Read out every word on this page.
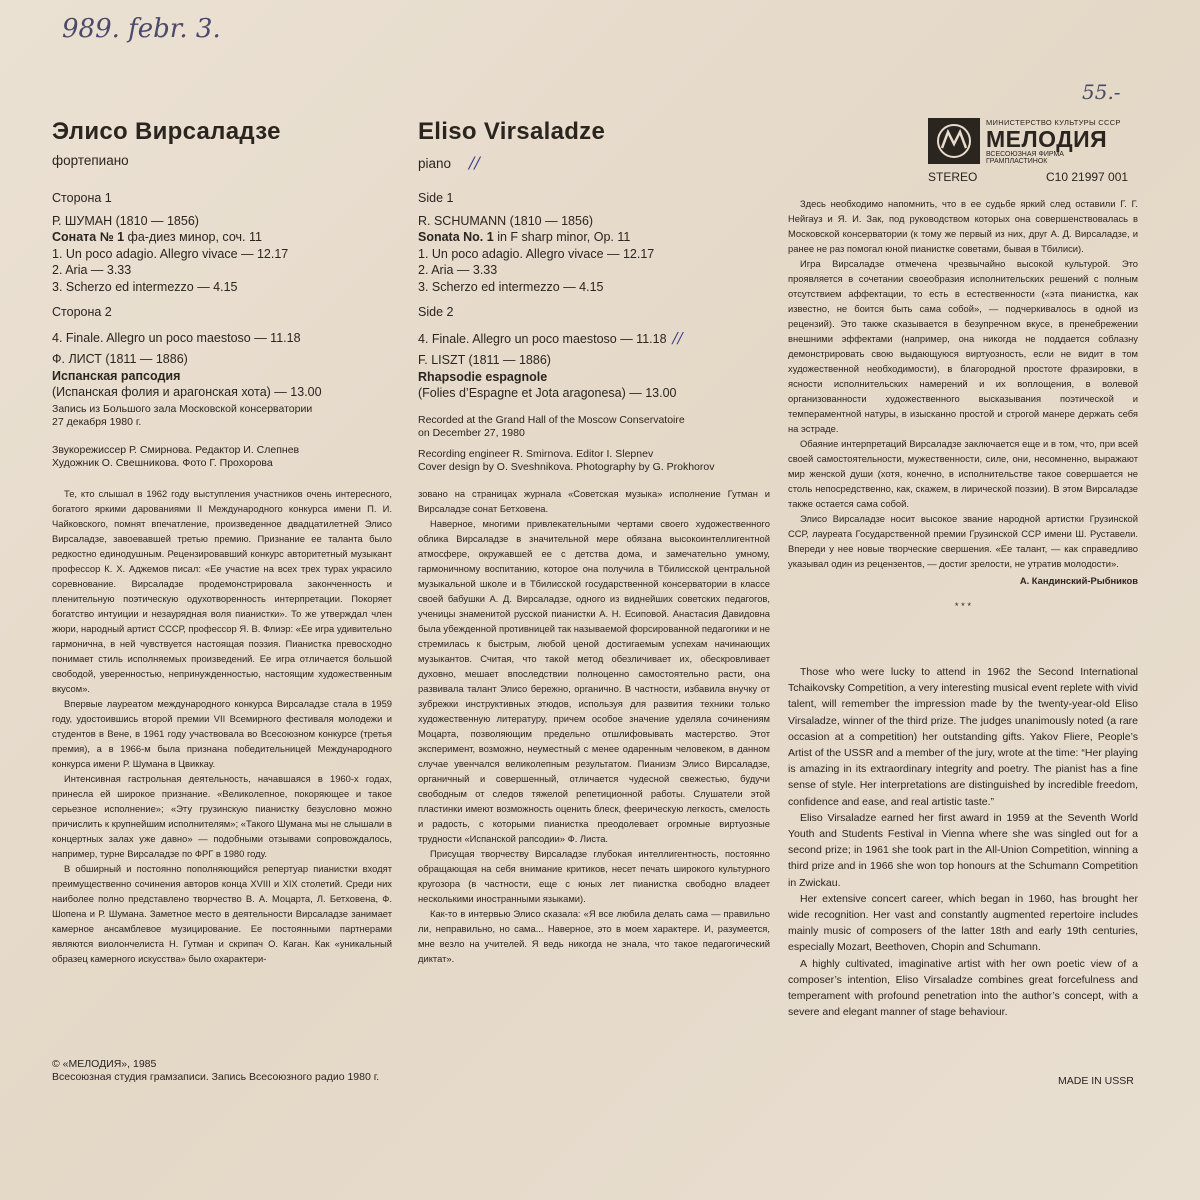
989. febr. 3.
55.-
Элисо Вирсаладзе
фортепиано

Сторона 1

Р. ШУМАН (1810 — 1856)

Соната № 1 фа-диез минор, соч. 11

1. Un poco adagio. Allegro vivace — 12.17

2. Aria — 3.33

3. Scherzo ed intermezzo — 4.15

Сторона 2

4. Finale. Allegro un poco maestoso — 11.18

Ф. ЛИСТ (1811 — 1886)

Испанская рапсодия

(Испанская фолия и арагонская хота) — 13.00

Запись из Большого зала Московской консерватории
27 декабря 1980 г.
Звукорежиссер Р. Смирнова. Редактор И. Слепнев
Художник О. Свешникова. Фото Г. Прохорова
Eliso Virsaladze
piano //

Side 1

R. SCHUMANN (1810 — 1856)

Sonata No. 1 in F sharp minor, Op. 11

1. Un poco adagio. Allegro vivace — 12.17

2. Aria — 3.33

3. Scherzo ed intermezzo — 4.15

Side 2

4. Finale. Allegro un poco maestoso — 11.18 //

F. LISZT (1811 — 1886)

Rhapsodie espagnole

(Folies d’Espagne et Jota aragonesa) — 13.00

Recorded at the Grand Hall of the Moscow Conservatoire
on December 27, 1980
Recording engineer R. Smirnova. Editor I. Slepnev
Cover design by O. Sveshnikova. Photography by G. Prokhorov
МИНИСТЕРСТВО КУЛЬТУРЫ СССР
МЕЛОДИЯ
ВСЕСОЮЗНАЯ ФИРМА ГРАМПЛАСТИНОК
STEREO	С10 21997 001

Те, кто слышал в 1962 году выступления участников очень интересного, богатого яркими дарованиями II Международного конкурса имени П. И. Чайковского, помнят впечатление, произведенное двадцатилетней Элисо Вирсаладзе, завоевавшей третью премию. Признание ее таланта было редкостно единодушным. Рецензировавший конкурс авторитетный музыкант профессор К. Х. Аджемов писал: «Ее участие на всех трех турах украсило соревнование. Вирсаладзе продемонстрировала законченность и пленительную поэтическую одухотворенность интерпретации. Покоряет богатство интуиции и незаурядная воля пианистки». То же утверждал член жюри, народный артист СССР, профессор Я. В. Флиэр: «Ее игра удивительно гармонична, в ней чувствуется настоящая поэзия. Пианистка превосходно понимает стиль исполняемых произведений. Ее игра отличается большой свободой, уверенностью, непринужденностью, настоящим художественным вкусом».

Впервые лауреатом международного конкурса Вирсаладзе стала в 1959 году, удостоившись второй премии VII Всемирного фестиваля молодежи и студентов в Вене, в 1961 году участвовала во Всесоюзном конкурсе (третья премия), а в 1966-м была признана победительницей Международного конкурса имени Р. Шумана в Цвиккау.

Интенсивная гастрольная деятельность, начавшаяся в 1960-х годах, принесла ей широкое признание. «Великолепное, покоряющее и такое серьезное исполнение»; «Эту грузинскую пианистку безусловно можно причислить к крупнейшим исполнителям»; «Такого Шумана мы не слышали в концертных залах уже давно» — подобными отзывами сопровождалось, например, турне Вирсаладзе по ФРГ в 1980 году.

В обширный и постоянно пополняющийся репертуар пианистки входят преимущественно сочинения авторов конца XVIII и XIX столетий. Среди них наиболее полно представлено творчество В. А. Моцарта, Л. Бетховена, Ф. Шопена и Р. Шумана. Заметное место в деятельности Вирсаладзе занимает камерное ансамблевое музицирование. Ее постоянными партнерами являются виолончелиста Н. Гутман и скрипач О. Каган. Как «уникальный образец камерного искусства» было охарактери-

зовано на страницах журнала «Советская музыка» исполнение Гутман и Вирсаладзе сонат Бетховена.

Наверное, многими привлекательными чертами своего художественного облика Вирсаладзе в значительной мере обязана высокоинтеллигентной атмосфере, окружавшей ее с детства дома, и замечательно умному, гармоничному воспитанию, которое она получила в Тбилисской центральной музыкальной школе и в Тбилисской государственной консерватории в классе своей бабушки А. Д. Вирсаладзе, одного из виднейших советских педагогов, ученицы знаменитой русской пианистки А. Н. Есиповой. Анастасия Давидовна была убежденной противницей так называемой форсированной педагогики и не стремилась к быстрым, любой ценой достигаемым успехам начинающих музыкантов. Считая, что такой метод обезличивает их, обескровливает духовно, мешает впоследствии полноценно самостоятельно расти, она развивала талант Элисо бережно, органично. В частности, избавила внучку от зубрежки инструктивных этюдов, используя для развития техники только художественную литературу, причем особое значение уделяла сочинениям Моцарта, позволяющим предельно отшлифовывать мастерство. Этот эксперимент, возможно, неуместный с менее одаренным человеком, в данном случае увенчался великолепным результатом. Пианизм Элисо Вирсаладзе, органичный и совершенный, отличается чудесной свежестью, будучи свободным от следов тяжелой репетиционной работы. Слушатели этой пластинки имеют возможность оценить блеск, феерическую легкость, смелость и радость, с которыми пианистка преодолевает огромные виртуозные трудности «Испанской рапсодии» Ф. Листа.

Присущая творчеству Вирсаладзе глубокая интеллигентность, постоянно обращающая на себя внимание критиков, несет печать широкого культурного кругозора (в частности, еще с юных лет пианистка свободно владеет несколькими иностранными языками).

Как-то в интервью Элисо сказала: «Я все любила делать сама — правильно ли, неправильно, но сама... Наверное, это в моем характере. И, разумеется, мне везло на учителей. Я ведь никогда не знала, что такое педагогический диктат».

Здесь необходимо напомнить, что в ее судьбе яркий след оставили Г. Г. Нейгауз и Я. И. Зак, под руководством которых она совершенствовалась в Московской консерватории (к тому же первый из них, друг А. Д. Вирсаладзе, и ранее не раз помогал юной пианистке советами, бывая в Тбилиси).

Игра Вирсаладзе отмечена чрезвычайно высокой культурой. Это проявляется в сочетании своеобразия исполнительских решений с полным отсутствием аффектации, то есть в естественности («эта пианистка, как известно, не боится быть сама собой», — подчеркивалось в одной из рецензий). Это также сказывается в безупречном вкусе, в пренебрежении внешними эффектами (например, она никогда не поддается соблазну демонстрировать свою выдающуюся виртуозность, если не видит в том художественной необходимости), в благородной простоте фразировки, в ясности исполнительских намерений и их воплощения, в волевой организованности художественного высказывания поэтической и темпераментной натуры, в изысканно простой и строгой манере держать себя на эстраде.

Обаяние интерпретаций Вирсаладзе заключается еще и в том, что, при всей своей самостоятельности, мужественности, силе, они, несомненно, выражают мир женской души (хотя, конечно, в исполнительстве такое совершается не столь непосредственно, как, скажем, в лирической поэзии). В этом Вирсаладзе также остается сама собой.

Элисо Вирсаладзе носит высокое звание народной артистки Грузинской ССР, лауреата Государственной премии Грузинской ССР имени Ш. Руставели. Впереди у нее новые творческие свершения. «Ее талант, — как справедливо указывал один из рецензентов, — достиг зрелости, не утратив молодости».

А. Кандинский-Рыбников
* * *

Those who were lucky to attend in 1962 the Second International Tchaikovsky Competition, a very interesting musical event replete with vivid talent, will remember the impression made by the twenty-year-old Eliso Virsaladze, winner of the third prize. The judges unanimously noted (a rare occasion at a competition) her outstanding gifts. Yakov Fliere, People’s Artist of the USSR and a member of the jury, wrote at the time: “Her playing is amazing in its extraordinary integrity and poetry. The pianist has a fine sense of style. Her interpretations are distinguished by incredible freedom, confidence and ease, and real artistic taste.”

Eliso Virsaladze earned her first award in 1959 at the Seventh World Youth and Students Festival in Vienna where she was singled out for a second prize; in 1961 she took part in the All-Union Competition, winning a third prize and in 1966 she won top honours at the Schumann Competition in Zwickau.

Her extensive concert career, which began in 1960, has brought her wide recognition. Her vast and constantly augmented repertoire includes mainly music of composers of the latter 18th and early 19th centuries, especially Mozart, Beethoven, Chopin and Schumann.

A highly cultivated, imaginative artist with her own poetic view of a composer’s intention, Eliso Virsaladze combines great forcefulness and temperament with profound penetration into the author’s concept, with a severe and elegant manner of stage behaviour.

© «МЕЛОДИЯ», 1985
Всесоюзная студия грамзаписи. Запись Всесоюзного радио 1980 г.	MADE IN USSR
